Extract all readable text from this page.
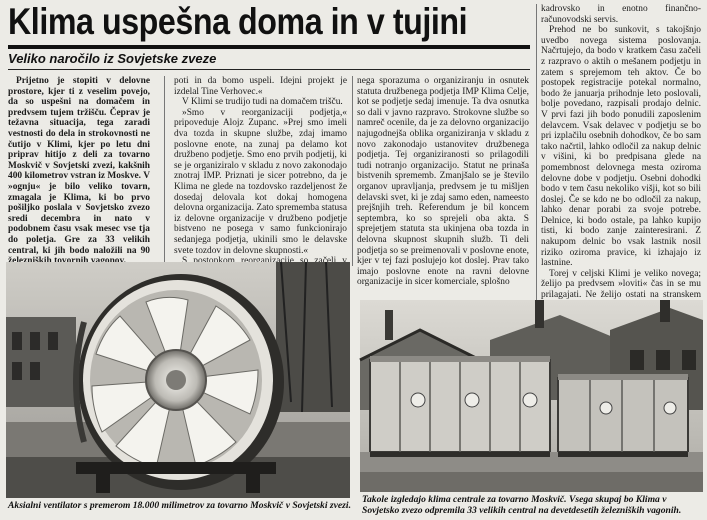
Klima uspešna doma in v tujini
Veliko naročilo iz Sovjetske zveze

Prijetno je stopiti v delovne prostore, kjer ti z veselim povejo, da so uspešni na domačem in predvsem tujem tržišču. Čeprav je težavna situacija, tega zaradi vestnosti do dela in strokovnosti ne čutijo v Klimi, kjer po letu dni priprav hitijo z deli za tovarno Moskvič v Sovjetski zvezi, kakšnih 400 kilometrov vstran iz Moskve. V »ognju« je bilo veliko tovarn, zmagala je Klima, ki bo prvo pošiljko poslala v Sovjetsko zvezo sredi decembra in nato v podobnem času vsak mesec vse tja do poletja. Gre za 33 velikih central, ki jih bodo naložili na 90

poti in da bomo uspeli. Idejni projekt je izdelal Tine Verhovec.«

V Klimi se trudijo tudi na domačem trišču.

»Smo v reorganizaciji podjetja,« pripoveduje Alojz Zupanc. »Prej smo imeli dva tozda in skupne službe, zdaj imamo poslovne enote, na zunaj pa delamo kot družbeno podjetje. Smo eno prvih podjetij, ki se je organiziralo v skladu z novo zakonodajo znotraj IMP. Priznati je sicer potrebno, da je Klima ne glede na tozdovsko razdeljenost že dosedaj delovala kot dokaj homogena delovna organizacija. Zato sprememba statusa iz delovne organizacije v družbeno podjetje bistveno ne posega v samo funkcionirajo sedanjega podjetja, ukinili smo le delavske svete tozdov in delovne skupnosti.«

nega sporazuma o organiziranju in osnutek statuta družbenega podjetja IMP Klima Celje, kot se podjetje sedaj imenuje. Ta dva osnutka so dali v javno razpravo. Strokovne službe so namreč ocenile, da je za delovno organizacijo najugodnejša oblika organiziranja v skladu z novo zakonodajo ustanovitev družbenega podjetja. Tej organiziranosti so prilagodili tudi notranjo organizacijo. Statut ne prinaša bistvenih sprememb. Zmanjšalo se je število organov upravljanja, predvsem je tu mišljen delavski svet, ki je zdaj samo eden, nameesto prejšnjih treh. Referendum je bil koncem septembra, ko so sprejeli oba akta. S sprejetjem statuta sta ukinjena oba tozda in delovna skupnost skupnih služb. Ti deli podjetja so se preimenovali v poslovne enote, kjer v tej fazi poslujejo kot doslej. Prav tako imajo poslovne enote na ravni delovne organizacije in sicer komerciale, splošno

kadrovsko in enotno finančno-računovodski servis.

Prehod ne bo sunkovit, s takojšnjo uvedbo novega sistema poslovanja. Načrtujejo, da bodo v kratkem času začeli z razpravo o aktih o mešanem podjetju in zatem s sprejemom teh aktov. Če bo postopek registracije potekal normalno, bodo že januarja prihodnje leto poslovali, bolje povedano, razpisali prodajo delnic. V prvi fazi jih bodo ponudili zaposlenim delavcem. Vsak delavec v podjetju se bo pri izplačilu osebnih dohodkov, če bo sam tako načrtil, lahko odločil za nakup delnic v višini, ki bo predpisana glede na pomembnost delovnega mesta oziroma delovne dobe v podjetju. Osebni dohodki bodo v tem času nekoliko višji, kot so bili doslej. Če se kdo ne bo odločil za nakup, lahko denar porabi za svoje potrebe. Delnice, ki bodo ostale, pa lahko kupijo tisti, ki bodo zanje zainteresirani. Z nakupom delnic bo vsak lastnik nosil riziko oziroma pravice, ki izhajajo iz lastnine.

Torej v celjski Klimi je veliko novega; želijo pa predvsem »loviti« čas in se mu prilagajati. Ne želijo ostati na stranskem

Aksialni ventilator s premerom 18.000 milimetrov za tovarno Moskvič v Sovjetski zvezi.
Takole izgledajo klima centrale za tovarno Moskvič. Vsega skupaj bo Klima v Sovjetsko zvezo odpremila 33 velikih central na devetdesetih železniških vagonih.
